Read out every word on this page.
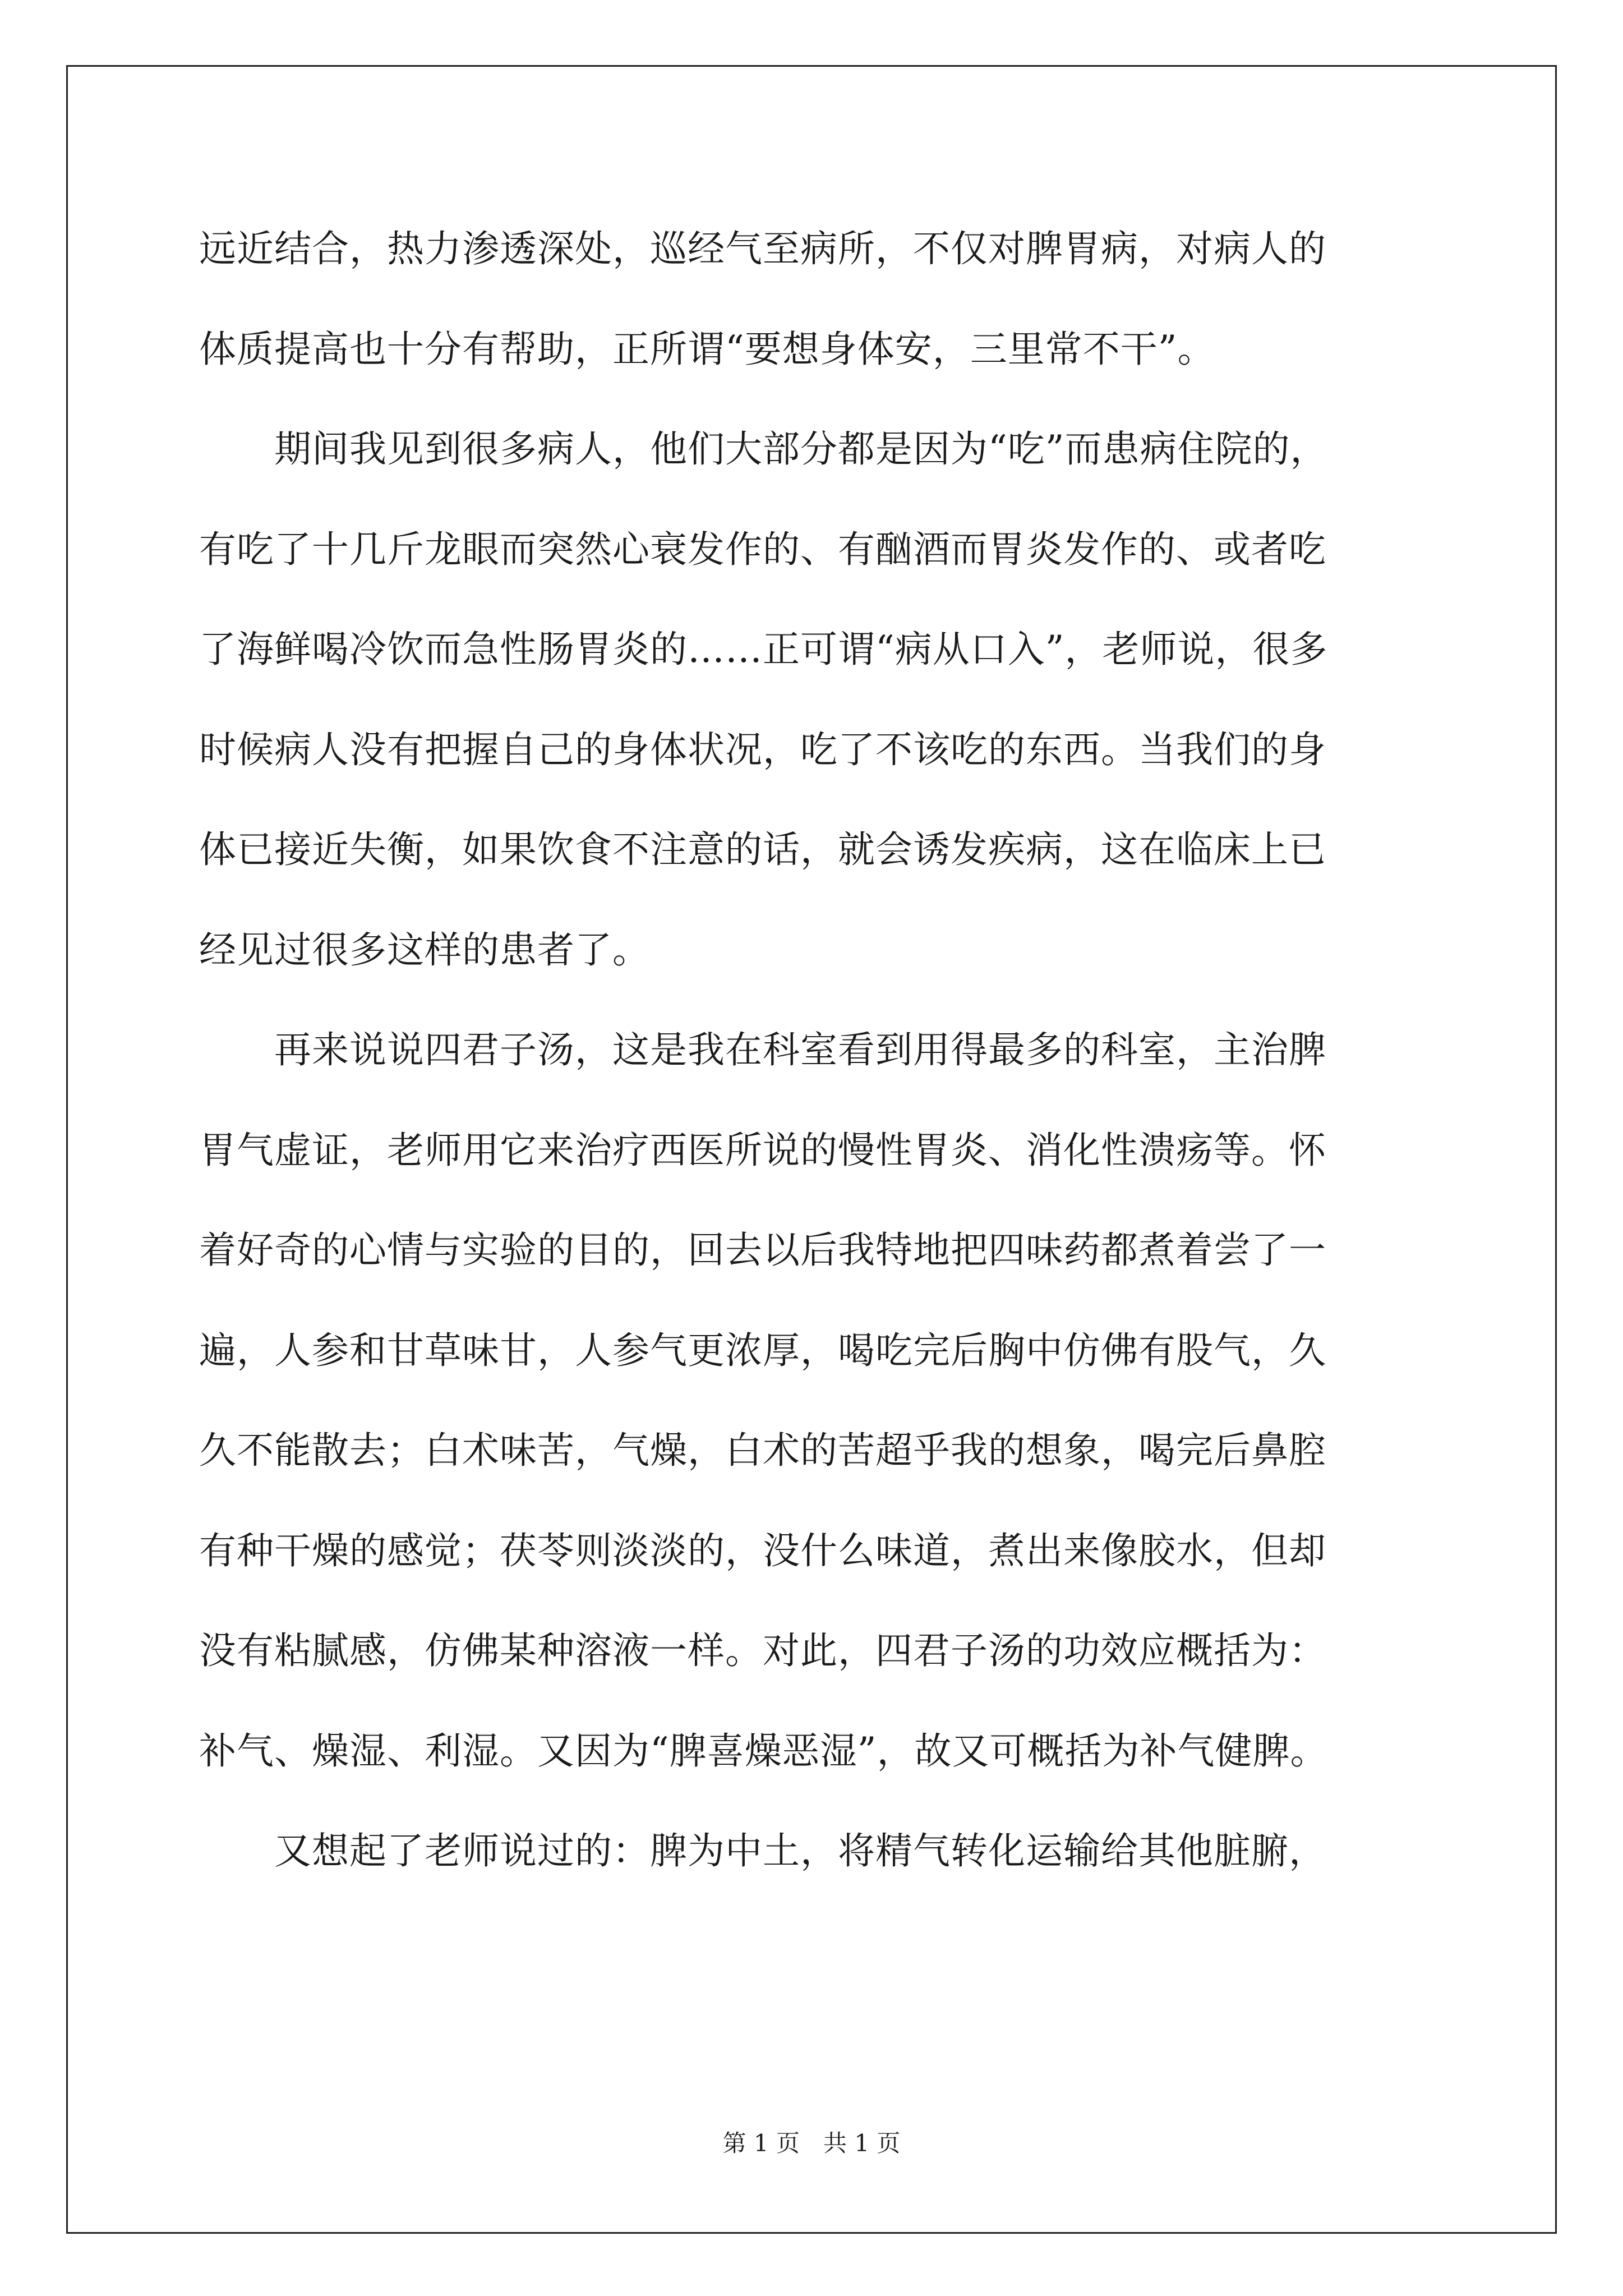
远近结合，热力渗透深处，巡经气至病所，不仅对脾胃病，对病人的
体质提高也十分有帮助，正所谓“要想身体安，三里常不干”。
　　期间我见到很多病人，他们大部分都是因为“吃”而患病住院的，
有吃了十几斤龙眼而突然心衰发作的、有酗酒而胃炎发作的、或者吃
了海鲜喝冷饮而急性肠胃炎的……正可谓“病从口入”，老师说，很多
时候病人没有把握自己的身体状况，吃了不该吃的东西。当我们的身
体已接近失衡，如果饮食不注意的话，就会诱发疾病，这在临床上已
经见过很多这样的患者了。
　　再来说说四君子汤，这是我在科室看到用得最多的科室，主治脾
胃气虚证，老师用它来治疗西医所说的慢性胃炎、消化性溃疡等。怀
着好奇的心情与实验的目的，回去以后我特地把四味药都煮着尝了一
遍，人参和甘草味甘，人参气更浓厚，喝吃完后胸中仿佛有股气，久
久不能散去；白术味苦，气燥，白术的苦超乎我的想象，喝完后鼻腔
有种干燥的感觉；茯苓则淡淡的，没什么味道，煮出来像胶水，但却
没有粘腻感，仿佛某种溶液一样。对此，四君子汤的功效应概括为：
补气、燥湿、利湿。又因为“脾喜燥恶湿”，故又可概括为补气健脾。
　　又想起了老师说过的：脾为中土，将精气转化运输给其他脏腑，
第 1 页　共 1 页
